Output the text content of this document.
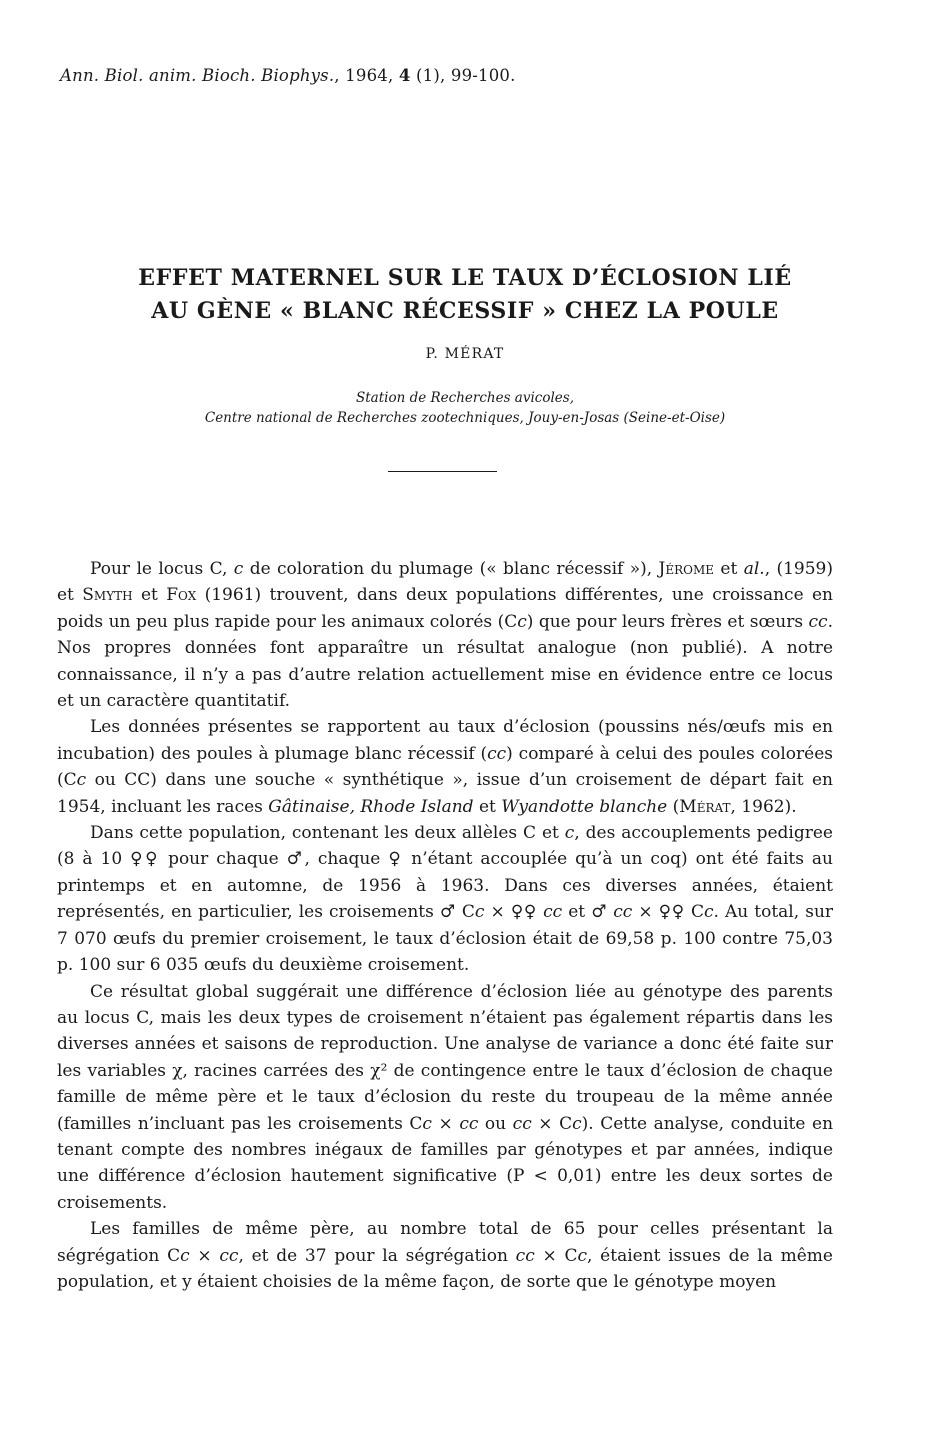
Ann. Biol. anim. Bioch. Biophys., 1964, 4 (1), 99-100.
EFFET MATERNEL SUR LE TAUX D’ÉCLOSION LIÉ
AU GÈNE « BLANC RÉCESSIF » CHEZ LA POULE
P. MÉRAT
Station de Recherches avicoles,
Centre national de Recherches zootechniques, Jouy-en-Josas (Seine-et-Oise)

Pour le locus C, c de coloration du plumage (« blanc récessif »), Jérome et al., (1959) et Smyth et Fox (1961) trouvent, dans deux populations différentes, une croissance en poids un peu plus rapide pour les animaux colorés (Cc) que pour leurs frères et sœurs cc. Nos propres données font apparaître un résultat analogue (non publié). A notre connaissance, il n’y a pas d’autre relation actuellement mise en évidence entre ce locus et un caractère quantitatif.

Les données présentes se rapportent au taux d’éclosion (poussins nés/œufs mis en incubation) des poules à plumage blanc récessif (cc) comparé à celui des poules colorées (Cc ou CC) dans une souche « synthétique », issue d’un croisement de départ fait en 1954, incluant les races Gâtinaise, Rhode Island et Wyandotte blanche (Mérat, 1962).

Dans cette population, contenant les deux allèles C et c, des accouplements pedigree (8 à 10 ♀♀ pour chaque ♂, chaque ♀ n’étant accouplée qu’à un coq) ont été faits au printemps et en automne, de 1956 à 1963. Dans ces diverses années, étaient représentés, en particulier, les croisements ♂ Cc × ♀♀ cc et ♂ cc × ♀♀ Cc. Au total, sur 7 070 œufs du premier croisement, le taux d’éclosion était de 69,58 p. 100 contre 75,03 p. 100 sur 6 035 œufs du deuxième croisement.

Ce résultat global suggérait une différence d’éclosion liée au génotype des parents au locus C, mais les deux types de croisement n’étaient pas également répartis dans les diverses années et saisons de reproduction. Une analyse de variance a donc été faite sur les variables χ, racines carrées des χ² de contingence entre le taux d’éclosion de chaque famille de même père et le taux d’éclosion du reste du troupeau de la même année (familles n’incluant pas les croisements Cc × cc ou cc × Cc). Cette analyse, conduite en tenant compte des nombres inégaux de familles par génotypes et par années, indique une différence d’éclosion hautement significative (P < 0,01) entre les deux sortes de croisements.

Les familles de même père, au nombre total de 65 pour celles présentant la ségrégation Cc × cc, et de 37 pour la ségrégation cc × Cc, étaient issues de la même population, et y étaient choisies de la même façon, de sorte que le génotype moyen
